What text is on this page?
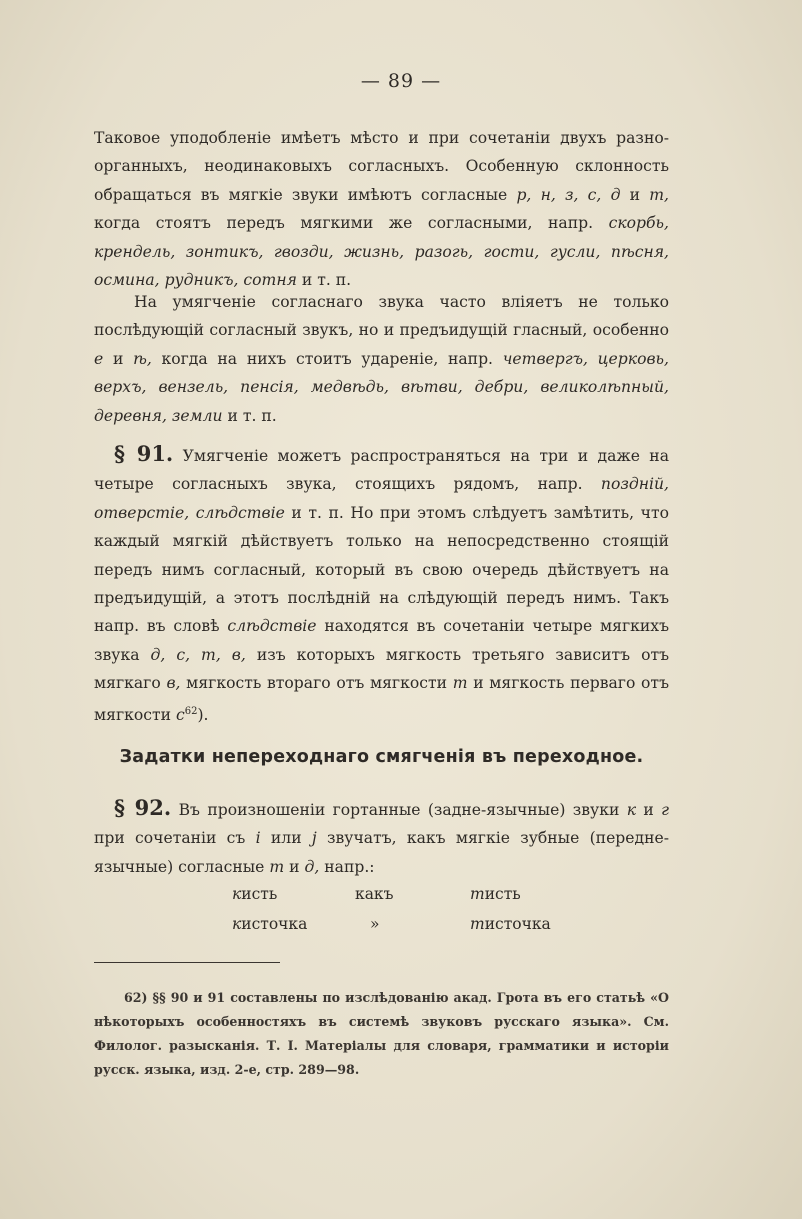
— 89 —
Таковое уподобленіе имѣетъ мѣсто и при сочетаніи двухъ разно-органныхъ, неодинаковыхъ согласныхъ. Особенную склонность обращаться въ мягкіе звуки имѣютъ согласные р, н, з, с, д и т, когда стоятъ передъ мягкими же согласными, напр. скорбь, крендель, зонтикъ, гвозди, жизнь, разогь, гости, гусли, пѣсня, осмина, рудникъ, сотня и т. п.
На умягченіе согласнаго звука часто вліяетъ не только послѣдующій согласный звукъ, но и предъидущій гласный, особенно е и ѣ, когда на нихъ стоитъ удареніе, напр. четвергъ, церковь, верхъ, вензель, пенсія, медвѣдь, вѣтви, дебри, великолѣпный, деревня, земли и т. п.
§ 91. Умягченіе можетъ распространяться на три и даже на четыре согласныхъ звука, стоящихъ рядомъ, напр. поздній, отверстіе, слѣдствіе и т. п. Но при этомъ слѣдуетъ замѣтить, что каждый мягкій дѣйствуетъ только на непосредственно стоящій передъ нимъ согласный, который въ свою очередь дѣйствуетъ на предъидущій, а этотъ послѣдній на слѣдующій передъ нимъ. Такъ напр. въ словѣ слѣдствіе находятся въ сочетаніи четыре мягкихъ звука д, с, т, в, изъ которыхъ мягкость третьяго зависитъ отъ мягкаго в, мягкость втораго отъ мягкости т и мягкость перваго отъ мягкости $с^{62}$).
Задатки непереходнаго смягченія въ переходное.
§ 92. Въ произношеніи гортанные (задне-язычные) звуки к и г при сочетаніи съ i или j звучатъ, какъ мягкіе зубные (передне-язычные) согласные т и д, напр.:
кисть	какъ	тисть
кисточка	»	тисточка
62) §§ 90 и 91 составлены по изслѣдованію акад. Грота въ его статьѣ «О нѣкоторыхъ особенностяхъ въ системѣ звуковъ русскаго языка». См. Филолог. разысканія. Т. I. Матеріалы для словаря, грамматики и исторіи русск. языка, изд. 2-е, стр. 289—98.
